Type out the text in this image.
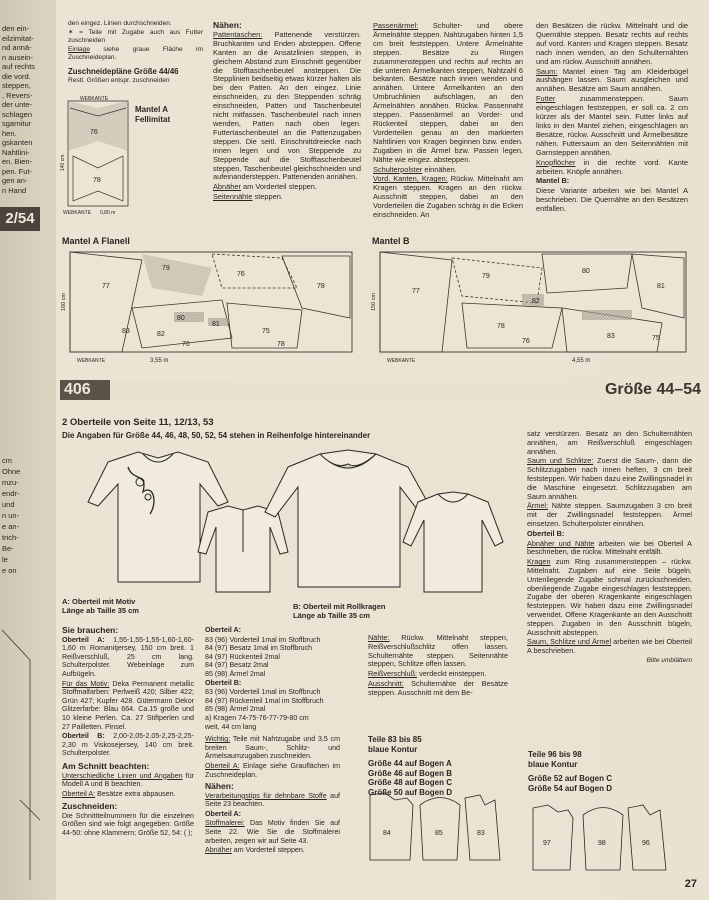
den ein-
eilzimitat-
nd annä-
n ausein-
auf rechts
die vord.
steppen,
, Revers-
der unte-
schlagen
sgarnitur
hen.
gskanten
Nahtlini-
en. Bien-
pen. Fut-
gen an-
n Hand
2/54
cm
Ohne
mzu-
endr-
und
n un-
e an-
trich-
Be-
le
e on

den eingez. Linien durchschneiden.

✶ = Teile mit Zugabe auch aus Futter zuschneiden

Einlage siehe graue Fläche im Zuschneideplan.

Zuschneidepläne Größe 44/46

Restl. Größen entspr. zuschneiden

Mantel A
Fellimitat
76
78
WEBKANTE
WEBKANTE 0,80 m
140 cm

Nähen:

Pattentaschen: Pattenende verstürzen. Bruchkanten und Enden absteppen. Offene Kanten an die Ansatzlinien steppen, in gleichem Abstand zum Einschnitt gegenüber die Stofftaschenbeutel ansteppen. Die Stepplinien beidseitig etwas kürzer halten als bei den Patten. An den eingez. Linie einschneiden, zu den Steppenden schräg einschneiden, Patten und Taschenbeutel nicht mitfassen. Taschenbeutel nach innen wenden, Patten nach oben legen. Futtertaschenbeutel an die Pattenzugaben steppen. Die seitl. Einschnittdreiecke nach innen legen und von Steppende zu Steppende auf die Stofftaschenbeutel steppen. Taschenbeutel gleichschneiden und aufeinandersteppen. Pattenenden annähen.

Abnäher am Vorderteil steppen.

Seitennähte steppen.

Passenärmel: Schulter- und obere Ärmelnähte steppen. Nahtzugaben hinten 1,5 cm breit feststeppen. Untere Ärmelnähte steppen. Besätze zu Ringen zusammensteppen und rechts auf rechts an die unteren Ärmelkanten steppen, Nahtzahl 6 bekanten. Besätze nach innen wenden und annähen. Untere Ärmelkanten an den Umbruchlinien aufschlagen, an den Ärmelnähten annähen. Rückw. Passennaht steppen. Passenärmel an Vorder- und Rückenteil steppen, dabei an den Vorderteilen genau an den markierten Nahtlinien von Kragen beginnen bzw. enden. Zugaben in die Ärmel bzw. Passen legen, Nähte wie eingez. absteppen.

Schulterpolster einnähen.

Vord. Kanten, Kragen: Rückw. Mittelnaht am Kragen steppen. Kragen an den rückw. Ausschnitt steppen, dabei an den Vorderteilen die Zugaben schräg in die Ecken einschneiden. An

den Besätzen die rückw. Mittelnaht und die Quernähte steppen. Besatz rechts auf rechts auf vord. Kanten und Kragen steppen. Besatz nach innen wenden, an den Schulternähten und am rückw. Ausschnitt annähen.

Saum: Mantel einen Tag am Kleiderbügel aushängen lassen. Saum ausgleichen und annähen. Besätze am Saum annähen.

Futter zusammensteppen. Saum eingeschlagen feststeppen, er soll ca. 2 cm kürzer als der Mantel sein. Futter links auf links in den Mantel ziehen, eingeschlagen an Besätze, rückw. Ausschnitt und Ärmelbesätze nähen. Futtersaum an den Seitennähten mit Garnsteppen annähen.

Knopflöcher in die rechte vord. Kante arbeiten. Knöpfe annähen.

Mantel B:

Diese Variante arbeiten wie bei Mantel A beschrieben. Die Quernähte an den Besätzen entfallen.

Mantel A Flanell
79
77
76
78
80
81
82	75
83
76	78
160 cm
WEBKANTE	3,55 m
Mantel B
77
79
80
81
78
82
83
76	75
150 cm
WEBKANTE	4,55 m
406	Größe 44–54
2 Oberteile von Seite 11, 12/13, 53
Die Angaben für Größe 44, 46, 48, 50, 52, 54 stehen in Reihenfolge hintereinander
A: Oberteil mit Motiv
Länge ab Taille 35 cm	B: Oberteil mit Rollkragen
Länge ab Taille 35 cm

satz verstürzen. Besatz an den Schulternähten annähen, am Reißverschluß eingeschlagen annähen.

Saum und Schlitze: Zuerst die Saum-, dann die Schlitzzugaben nach innen heften, 3 cm breit feststeppen. Wir haben dazu eine Zwillingsnadel in die Maschine eingesetzt. Schlitzzugaben am Saum annähen.

Ärmel: Nähte steppen. Saumzugaben 3 cm breit mit der Zwillingsnadel feststeppen. Ärmel einsetzen. Schulterpolster einnähen.

Oberteil B:

Abnäher und Nähte arbeiten wie bei Oberteil A beschrieben, die rückw. Mittelnaht entfällt.

Kragen zum Ring zusammensteppen – rückw. Mittelnaht. Zugaben auf eine Seite bügeln. Untenliegende Zugabe schmal zurückschneiden, obenliegende Zugabe eingeschlagen feststeppen. Zugabe der oberen Kragenkante eingeschlagen feststeppen. Wir haben dazu eine Zwillingsnadel verwendet. Offene Kragenkante an den Ausschnitt steppen. Zugaben in den Ausschnitt bügeln, Ausschnitt absteppen.

Saum, Schlitze und Ärmel arbeiten wie bei Oberteil A beschrieben.

Bitte umblättern

Sie brauchen:

Oberteil A: 1,55-1,55-1,55-1,60-1,60-1,60 m Romanitjersey, 150 cm breit. 1 Reißverschluß, 25 cm lang. Schulterpolster. Webeinlage zum Aufbügeln.

Für das Motiv: Deka Permanent metallic Stoffmalfarben: Perlweiß 420; Silber 422; Grün 427; Kupfer 428. Gütermann Dekor Glitzerfarbe: Blau 664. Ca.15 große und 10 kleine Perlen. Ca. 27 Stiftperlen und 27 Pailletten. Pinsel.

Oberteil B: 2,00-2,05-2,05-2,25-2,25-2,30 m Viskosejersey, 140 cm breit. Schulterpolster.

Am Schnitt beachten:

Unterschiedliche Linien und Angaben für Modell A und B beachten.

Oberteil A: Besätze extra abpausen.

Zuschneiden:

Die Schnittteilnummern für die einzelnen Größen sind wie folgt angegeben: Größe 44-50: ohne Klammern; Größe 52, 54: ( );

Oberteil A:

83 (96) Vorderteil 1mal im Stoffbruch
84 (97) Besatz 1mal im Stoffbruch
84 (97) Rückenteil 2mal
84 (97) Besatz 2mal
85 (98) Ärmel 2mal

Oberteil B:

83 (96) Vorderteil 1mal im Stoffbruch
84 (97) Rückenteil 1mal im Stoffbruch
85 (98) Ärmel 2mal
a) Kragen 74-75-76-77-79-80 cm
weit, 44 cm lang

Wichtig: Teile mit Nahtzugabe und 3,5 cm breiten Saum-, Schlitz- und Ärmelsaumzugaben zuschneiden.

Oberteil A: Einlage siehe Grauflächen im Zuschneideplan.

Nähen:

Verarbeitungstips für dehnbare Stoffe auf Seite 23 beachten.

Oberteil A:

Stoffmalerei: Das Motiv finden Sie auf Seite 22. Wie Sie die Stoffmalerei arbeiten, zeigen wir auf Seite 43.

Abnäher am Vorderteil steppen.

Nähte: Rückw. Mittelnaht steppen, Reißverschlußschlitz offen lassen. Schulternähte steppen. Seitennähte steppen, Schlitze offen lassen.

Reißverschluß: verdeckt einsteppen.

Ausschnitt: Schulternähte der Besätze steppen. Ausschnitt mit dem Be-

Teile 83 bis 85
blaue Kontur
Größe 44 auf Bogen A
Größe 46 auf Bogen B
Größe 48 auf Bogen C
Größe 50 auf Bogen D
84	85	83
Teile 96 bis 98
blaue Kontur
Größe 52 auf Bogen C
Größe 54 auf Bogen D
97	98	96
27
